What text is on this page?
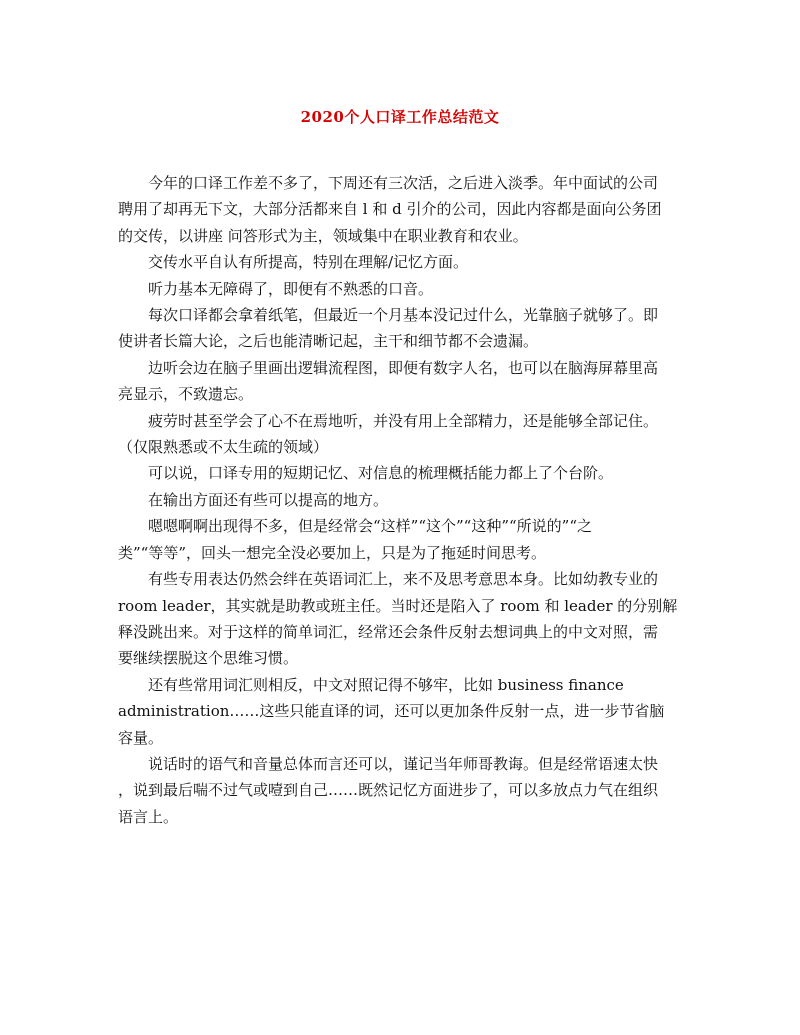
2020个人口译工作总结范文

今年的口译工作差不多了，下周还有三次活，之后进入淡季。年中面试的公司
聘用了却再无下文，大部分活都来自 l 和 d 引介的公司，因此内容都是面向公务团
的交传，以讲座 问答形式为主，领域集中在职业教育和农业。

交传水平自认有所提高，特别在理解/记忆方面。

听力基本无障碍了，即便有不熟悉的口音。

每次口译都会拿着纸笔，但最近一个月基本没记过什么，光靠脑子就够了。即
使讲者长篇大论，之后也能清晰记起，主干和细节都不会遗漏。

边听会边在脑子里画出逻辑流程图，即便有数字人名，也可以在脑海屏幕里高
亮显示，不致遗忘。

疲劳时甚至学会了心不在焉地听，并没有用上全部精力，还是能够全部记住。
（仅限熟悉或不太生疏的领域）

可以说，口译专用的短期记忆、对信息的梳理概括能力都上了个台阶。

在输出方面还有些可以提高的地方。

嗯嗯啊啊出现得不多，但是经常会“这样”“这个”“这种”“所说的”“之
类”“等等”，回头一想完全没必要加上，只是为了拖延时间思考。

有些专用表达仍然会绊在英语词汇上，来不及思考意思本身。比如幼教专业的
room leader，其实就是助教或班主任。当时还是陷入了 room 和 leader 的分别解
释没跳出来。对于这样的简单词汇，经常还会条件反射去想词典上的中文对照，需
要继续摆脱这个思维习惯。

还有些常用词汇则相反，中文对照记得不够牢，比如 business finance
administration……这些只能直译的词，还可以更加条件反射一点，进一步节省脑
容量。

说话时的语气和音量总体而言还可以，谨记当年师哥教诲。但是经常语速太快
，说到最后喘不过气或噎到自己……既然记忆方面进步了，可以多放点力气在组织
语言上。
